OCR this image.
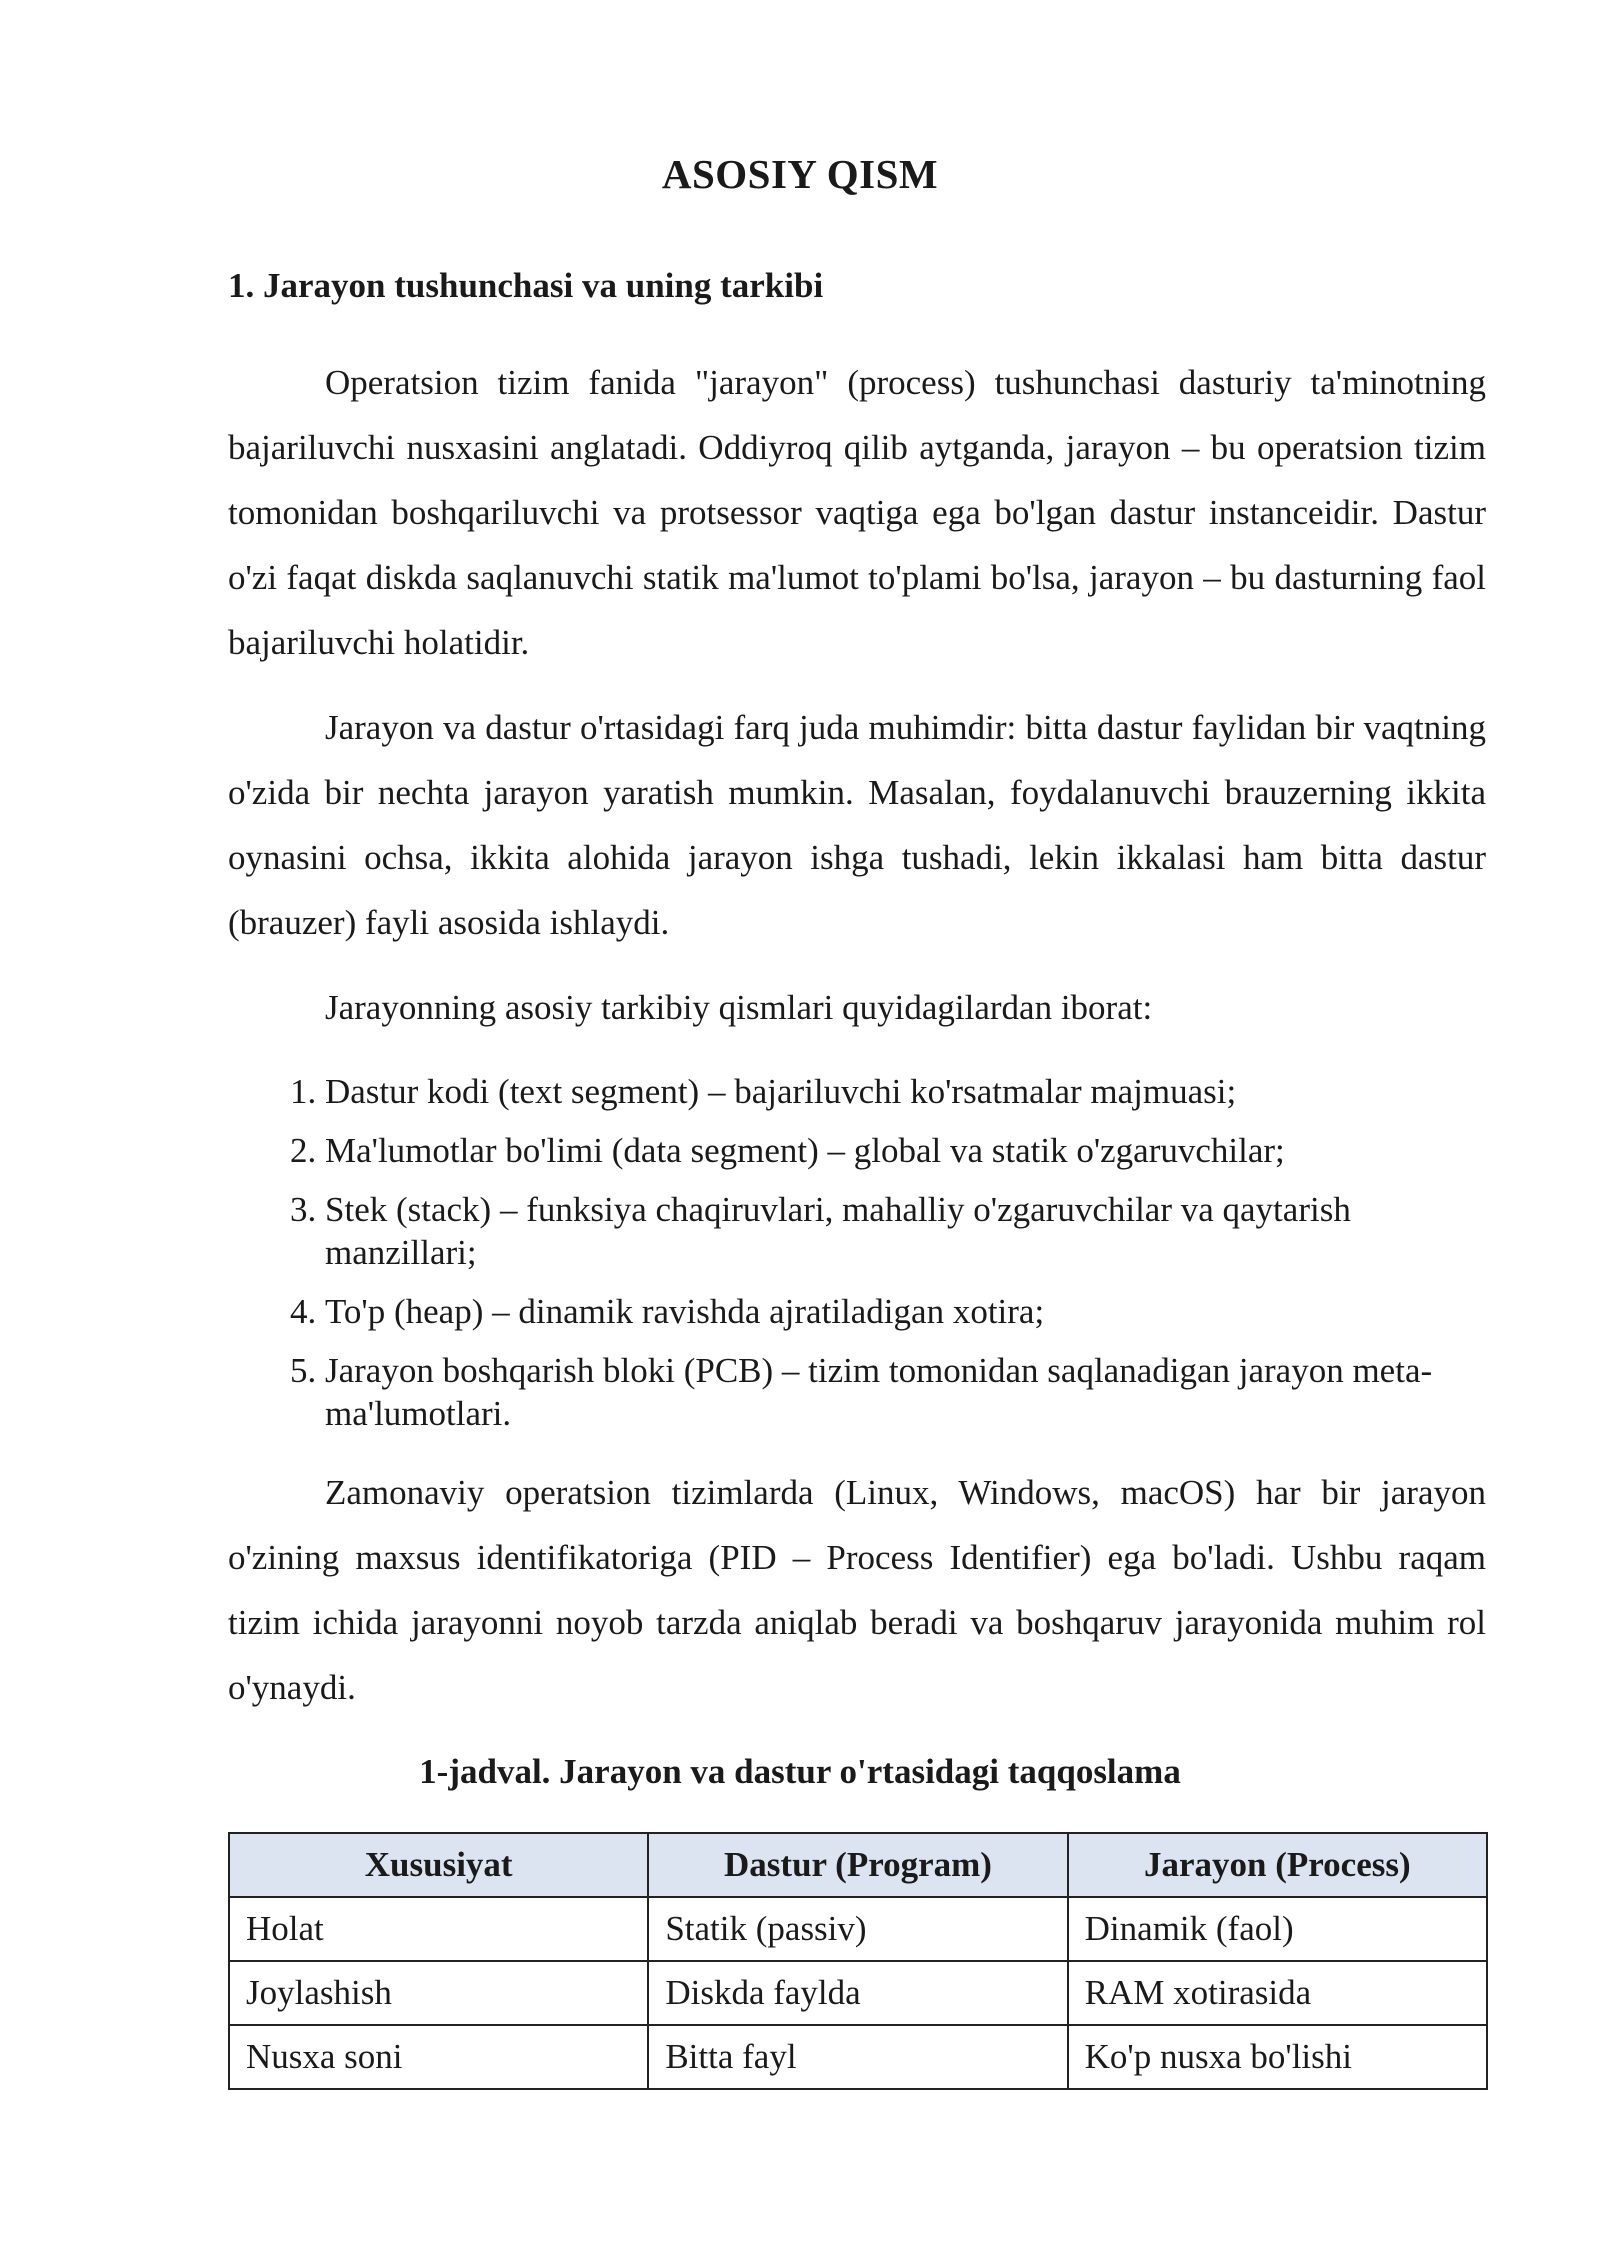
ASOSIY QISM
1. Jarayon tushunchasi va uning tarkibi

Operatsion tizim fanida "jarayon" (process) tushunchasi dasturiy ta'minotning bajariluvchi nusxasini anglatadi. Oddiyroq qilib aytganda, jarayon – bu operatsion tizim tomonidan boshqariluvchi va protsessor vaqtiga ega bo'lgan dastur instanceidir. Dastur o'zi faqat diskda saqlanuvchi statik ma'lumot to'plami bo'lsa, jarayon – bu dasturning faol bajariluvchi holatidir.

Jarayon va dastur o'rtasidagi farq juda muhimdir: bitta dastur faylidan bir vaqtning o'zida bir nechta jarayon yaratish mumkin. Masalan, foydalanuvchi brauzerning ikkita oynasini ochsa, ikkita alohida jarayon ishga tushadi, lekin ikkalasi ham bitta dastur (brauzer) fayli asosida ishlaydi.

Jarayonning asosiy tarkibiy qismlari quyidagilardan iborat:

1. Dastur kodi (text segment) – bajariluvchi ko'rsatmalar majmuasi;
2. Ma'lumotlar bo'limi (data segment) – global va statik o'zgaruvchilar;
3. Stek (stack) – funksiya chaqiruvlari, mahalliy o'zgaruvchilar va qaytarish manzillari;
4. To'p (heap) – dinamik ravishda ajratiladigan xotira;
5. Jarayon boshqarish bloki (PCB) – tizim tomonidan saqlanadigan jarayon meta-ma'lumotlari.

Zamonaviy operatsion tizimlarda (Linux, Windows, macOS) har bir jarayon o'zining maxsus identifikatoriga (PID – Process Identifier) ega bo'ladi. Ushbu raqam tizim ichida jarayonni noyob tarzda aniqlab beradi va boshqaruv jarayonida muhim rol o'ynaydi.

1-jadval. Jarayon va dastur o'rtasidagi taqqoslama
Xususiyat	Dastur (Program)	Jarayon (Process)
Holat	Statik (passiv)	Dinamik (faol)
Joylashish	Diskda faylda	RAM xotirasida
Nusxa soni	Bitta fayl	Ko'p nusxa bo'lishi
